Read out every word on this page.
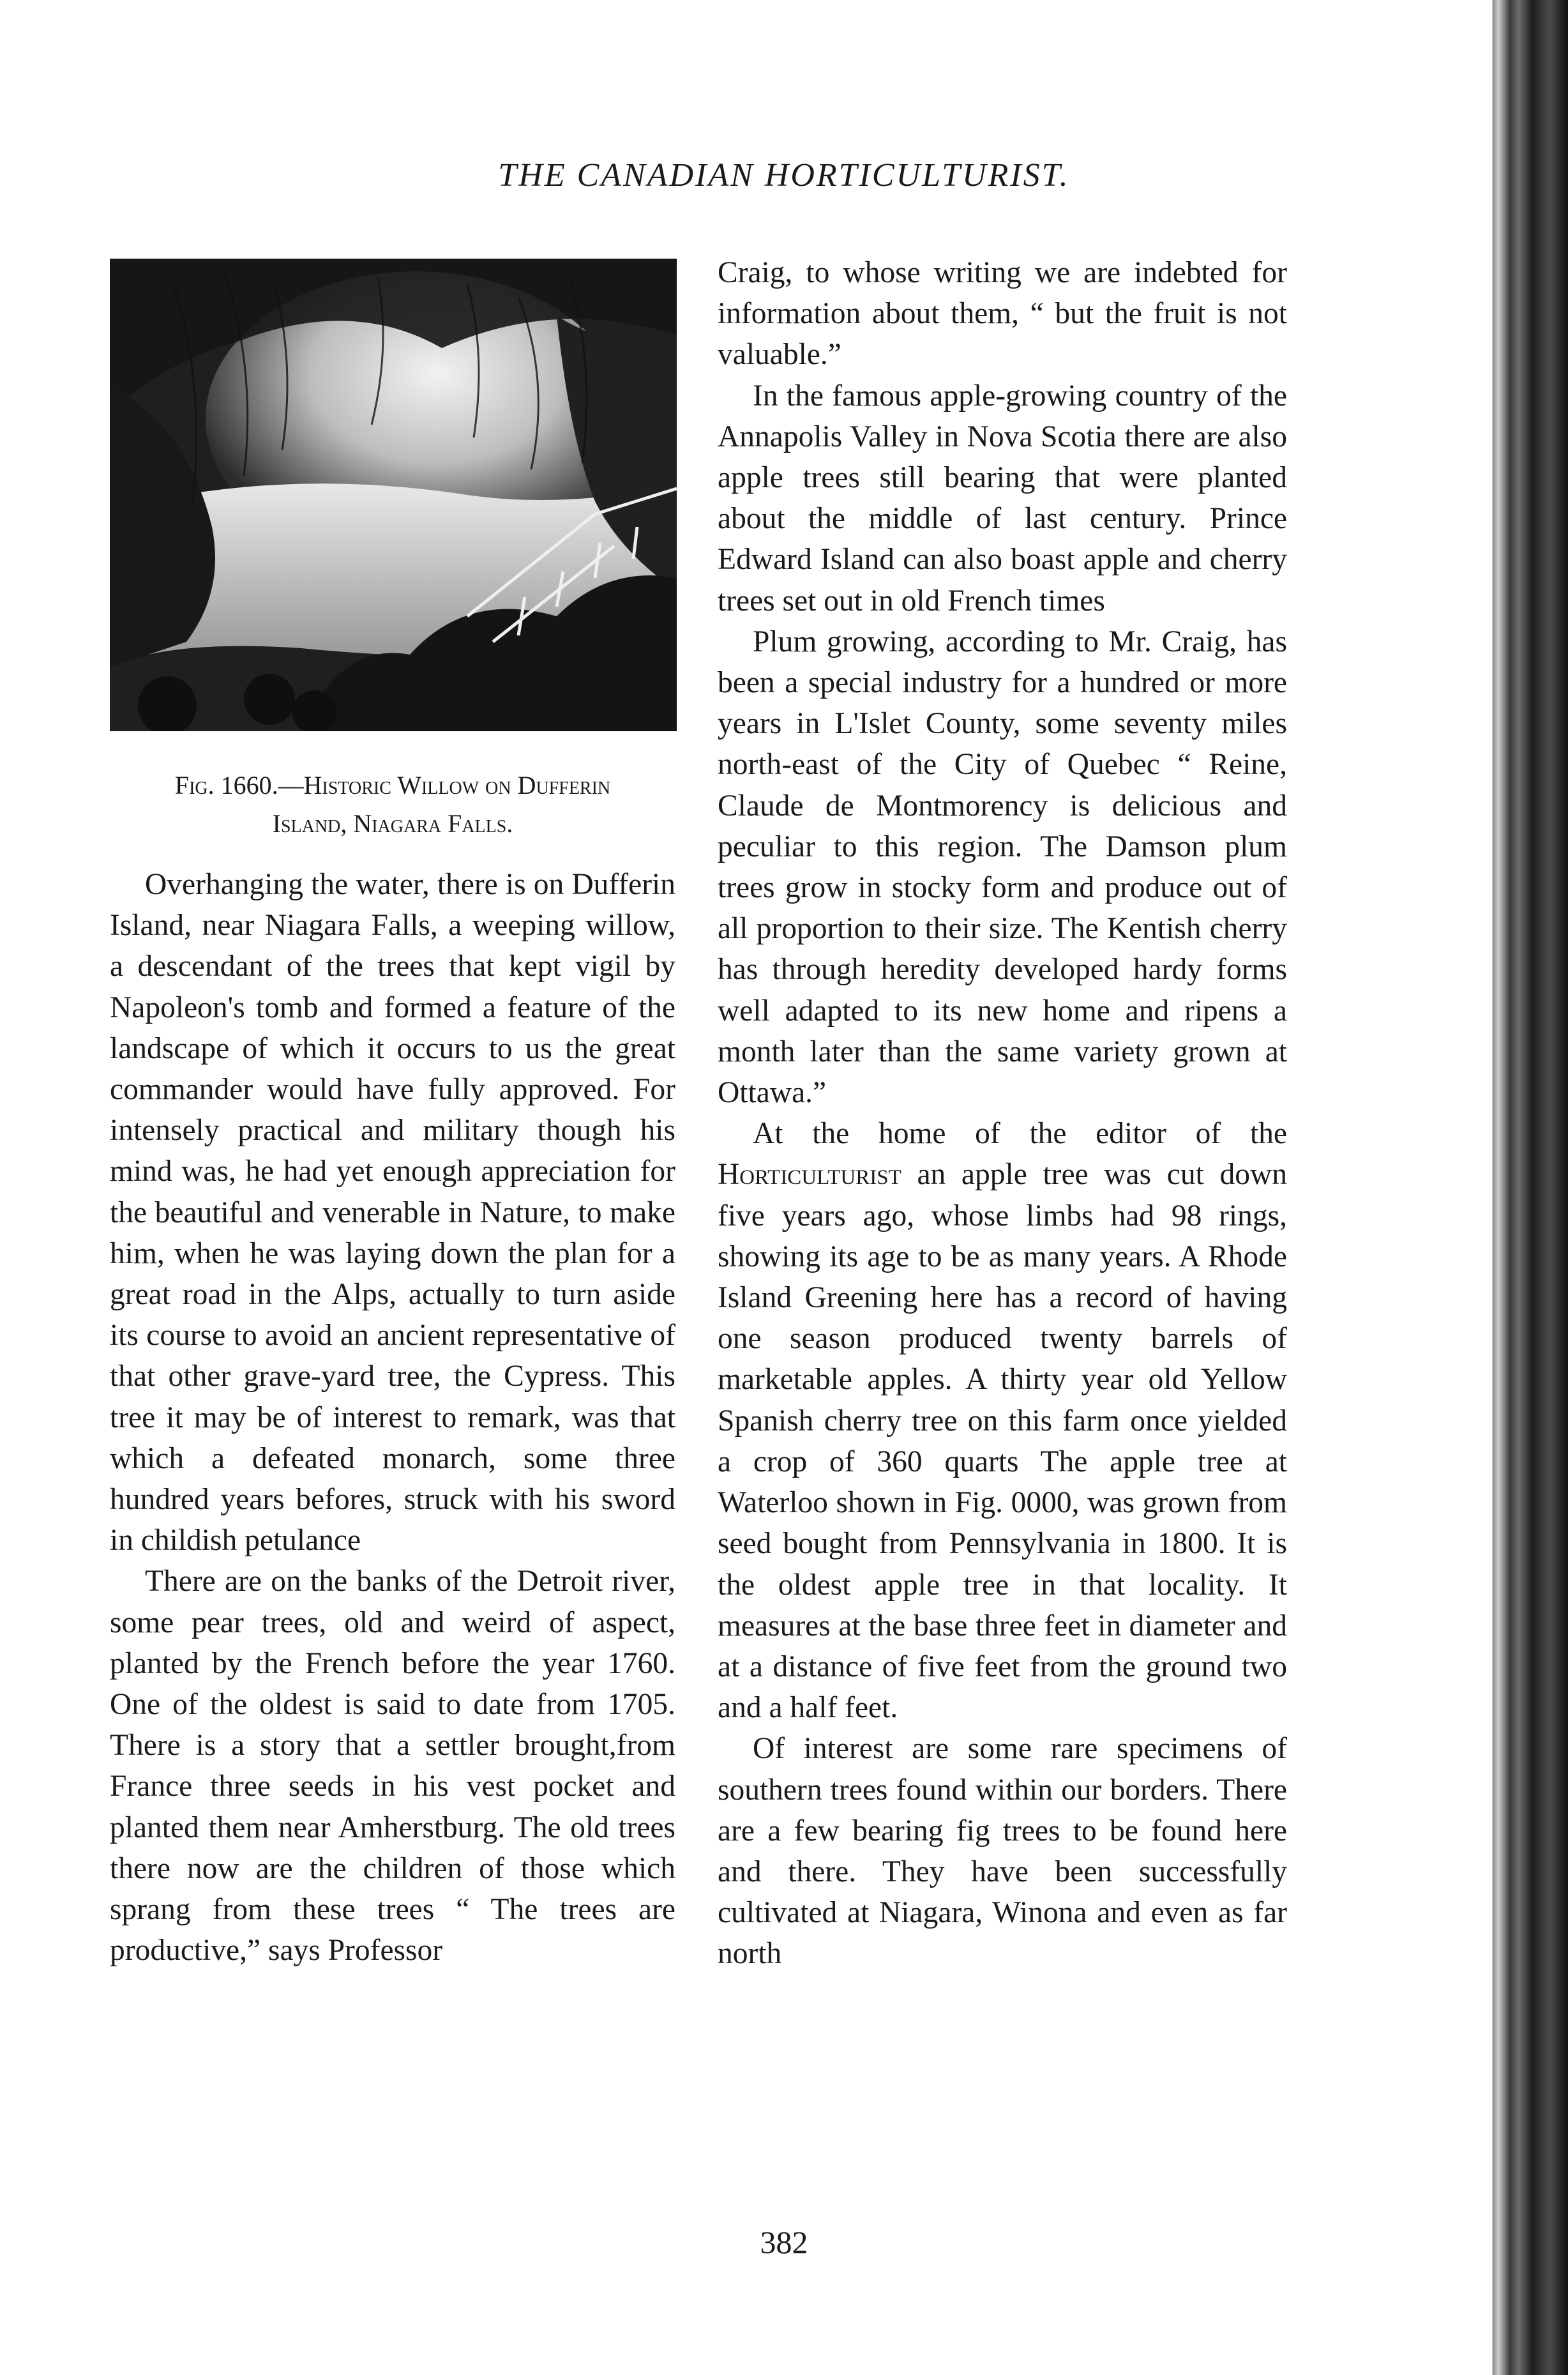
THE CANADIAN HORTICULTURIST.
Fig. 1660.—Historic Willow on Dufferin
Island, Niagara Falls.

Overhanging the water, there is on Dufferin Island, near Niagara Falls, a weeping willow, a descendant of the trees that kept vigil by Napoleon's tomb and formed a feature of the landscape of which it occurs to us the great commander would have fully approved. For intensely practical and military though his mind was, he had yet enough appreciation for the beautiful and venerable in Nature, to make him, when he was laying down the plan for a great road in the Alps, actually to turn aside its course to avoid an ancient representative of that other grave-yard tree, the Cypress. This tree it may be of interest to remark, was that which a defeated monarch, some three hundred years befores, struck with his sword in childish petulance

There are on the banks of the Detroit river, some pear trees, old and weird of aspect, planted by the French before the year 1760. One of the oldest is said to date from 1705. There is a story that a settler brought,from France three seeds in his vest pocket and planted them near Amherstburg. The old trees there now are the children of those which sprang from these trees “ The trees are productive,” says Professor

Craig, to whose writing we are indebted for information about them, “ but the fruit is not valuable.”

In the famous apple-growing country of the Annapolis Valley in Nova Scotia there are also apple trees still bearing that were planted about the middle of last century. Prince Edward Island can also boast apple and cherry trees set out in old French times

Plum growing, according to Mr. Craig, has been a special industry for a hundred or more years in L'Islet County, some seventy miles north-east of the City of Quebec “ Reine, Claude de Montmorency is delicious and peculiar to this region. The Damson plum trees grow in stocky form and produce out of all proportion to their size. The Kentish cherry has through heredity developed hardy forms well adapted to its new home and ripens a month later than the same variety grown at Ottawa.”

At the home of the editor of the Horticulturist an apple tree was cut down five years ago, whose limbs had 98 rings, showing its age to be as many years. A Rhode Island Greening here has a record of having one season produced twenty barrels of marketable apples. A thirty year old Yellow Spanish cherry tree on this farm once yielded a crop of 360 quarts The apple tree at Waterloo shown in Fig. 0000, was grown from seed bought from Pennsylvania in 1800. It is the oldest apple tree in that locality. It measures at the base three feet in diameter and at a distance of five feet from the ground two and a half feet.

Of interest are some rare specimens of southern trees found within our borders. There are a few bearing fig trees to be found here and there. They have been successfully cultivated at Niagara, Winona and even as far north

382
